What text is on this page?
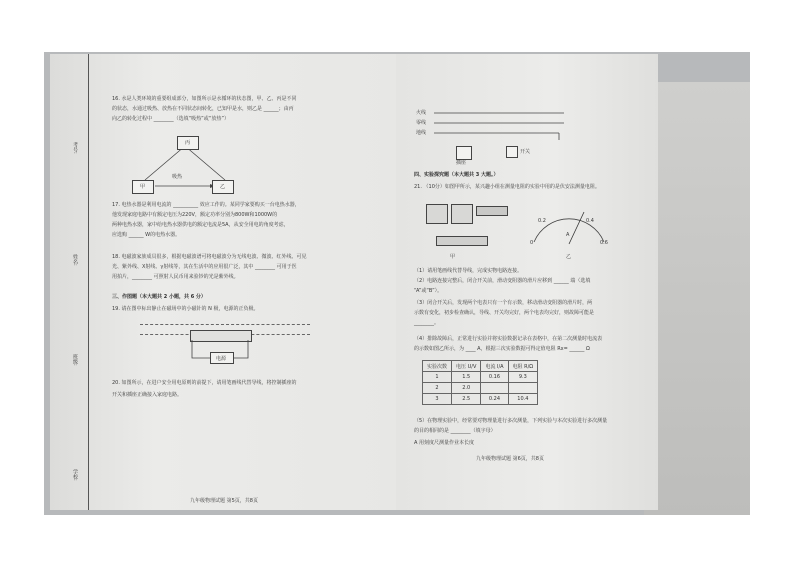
考号:
姓名:
班级:
学校:
16. 水是人类环境的重要组成部分，如图所示是水循环的状态图，甲、乙、丙是不同
的状态，水通过吸热、放热在不同状态间转化，已知甲是水，则乙是 ______；由丙
向乙的转化过程中 ________（选填“吸热”或“放热”）
丙
甲	乙
吸热
17. 电热水器是利用电流的 __________ 效应工作的。某同学家要购买一台电热水器，
他发现家庭电路中有额定电压为220V，额定功率分别为800W和1000W的
两种电热水器，家中给电热水器供电的额定电流是5A，从安全用电的角度考虑，
应选购 ______ W的电热水器。
18. 电磁波家族成员很多，根据电磁波谱可将电磁波分为无线电波、微波、红外线、可见
光、紫外线、X射线、γ射线等，其在生活中的应用很广泛，其中 ________ 可用于医
用拍片，________ 可照射人民币用来验钞的光是紫外线。
三、作图题（本大题共 2 小题，共 6 分）
19. 请在图中标出静止在磁场中的小磁针的 N 极，电源的正负极。
电源
20. 如图所示，在进户安全用电原则的前提下，请用笔画线代替导线，将控制插座的
开关和插座正确接入家庭电路。
九年级物理试题 第5页，共8页
火线
零线
地线
插座
开关
四、实验探究题（本大题共 3 大题。）
21. （10分）如图甲所示，某兴趣小组在测量电阻的实验中用的是伏安法测量电阻。
甲
0
0.2	0.4
0.6
A
乙
（1）请用笔画线代替导线，完成实物电路连接。
（2）电路连接完整后，闭合开关前，滑动变阻器的滑片应移到 ______ 端（选填
“A”或“B”）。
（3）闭合开关后，发现两个电表只有一个有示数，移动滑动变阻器的滑片时，两
示数有变化，初步检查确认，导线、开关均完好，两个电表均完好，则故障可能是
________。
（4）排除故障后，正常进行实验并将实验数据记录在表格中，在第二次测量时电流表
的示数如图乙所示，为 ____ A，根据三次实验数据可得定值电阻 Rx= ______ Ω
实验次数	电压 U/V	电流 I/A	电阻 R/Ω
1	1.5	0.16	9.3
2	2.0		
3	2.5	0.24	10.4
（5）在物理实验中，经常要对物理量进行多次测量，下列实验与本次实验进行多次测量
的目的相同的是 ________（填字母）
A 用刻度尺测量作业本长度
九年级物理试题 第6页，共8页
